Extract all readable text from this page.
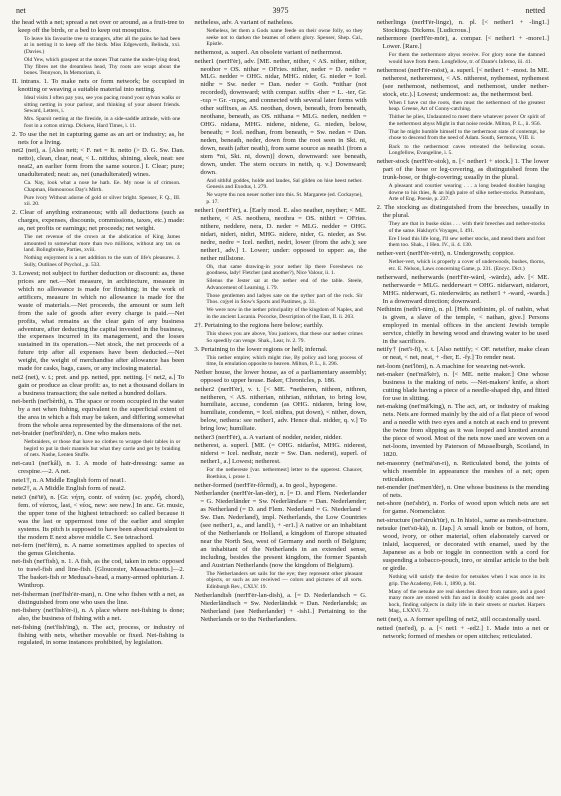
net	3975	netted

the head with a net; spread a net over or around, as a fruit-tree to keep off the birds, or a bed to keep out mosquitos.

To leave his favourite tree to strangers, after all the pains he had been at in netting it to keep off the birds. Miss Edgeworth, Belinda, xxi. (Davies.)

Old Yew, which graspest at the stones That name the under-lying dead, Thy fibres net the dreamless head, Thy roots are wrapt about the bones. Tennyson, In Memoriam, ii.

II. intrans. 1. To make nets or form network; be occupied in knotting or weaving a suitable material into netting.

Ideal visits I often pay you, see you pacing round your sylvan walks or sitting netting in your parlour, and thinking of your absent friends. Seward, Letters, i.

Mrs. Sparsit netting at the fireside, in a side-saddle attitude, with one foot in a cotton stirrup. Dickens, Hard Times, i. 11.

2. To use the net in capturing game as an art or industry; as, he nets for a living.

net2 (net), a. [Also nett; < F. net = It. netto (> D. G. Sw. Dan. netto), clean, clear, neat, < L. nitidus, shining, sleek, neat: see neat2, an earlier form from the same source.] I. Clear; pure; unadulterated; neat: as, net (unadulterated) wines.

Ca. Nay, look what a nose he hath. Ee. My nose is of crimson. Chapman, Humourous Day's Mirth.

Pure ivory Without adorne of gold or silver bright. Spenser, F. Q., III. xii. 20.

2. Clear of anything extraneous; with all deductions (such as charges, expenses, discounts, commissions, taxes, etc.) made: as, net profits or earnings; net proceeds; net weight.

The net revenue of the crown at the abdication of King James amounted to somewhat more than two millions, without any tax on land. Bolingbroke, Parties, xviii.

Nothing enjoyment is a net addition to the sum of life's pleasures. J. Sully, Outlines of Psychol., p. 533.

3. Lowest; not subject to further deduction or discount: as, these prices are net.—Net measure, in architecture, measure in which no allowance is made for finishing; in the work of artificers, measure in which no allowance is made for the waste of materials.—Net proceeds, the amount or sum left from the sale of goods after every charge is paid.—Net profits, what remains as the clear gain of any business adventure, after deducting the capital invested in the business, the expenses incurred in its management, and the losses sustained in its operation.—Net stock, the net proceeds of a future trip after all expenses have been deducted.—Net weight, the weight of merchandise after allowance has been made for casks, bags, cases, or any inclosing material.

net2 (net), v. t.; pret. and pp. netted, ppr. netting. [< net2, a.] To gain or produce as clear profit: as, to net a thousand dollars in a business transaction; the sale netted a hundred dollars.

net-berth (net'bèrth), n. The space or room occupied in the water by a net when fishing, equivalent to the superficial extent of the area in which a fish may be taken, and differing somewhat from the whole area represented by the dimensions of the net.

net-braider (net'brā'dėr), n. One who makes nets.

Netbraiders, or those that have no clothes to wrappe their tables in or begird to put in their mantels but what they carrie and get by braiding of nets. Nashe, Lenten Stuffe.

net-cau1 (net'kâl), n. 1. A mode of hair-dressing: same as crespine.—2. A net.

nete1†, n. A Middle English form of neat1.

nete2†, a. A Middle English form of neat2.

nete3 (nē'tē), n. [Gr. νήτη, contr. of νεάτη (sc. χορδή, chord), fem. of νέατος, last, < νέος, new: see new.] In anc. Gr. music, the upper tone of the highest tetrachord: so called because it was the last or uppermost tone of the earlier and simpler systems. Its pitch is supposed to have been about equivalent to the modern E next above middle C. See tetrachord.

net-fern (net'fėrn), n. A name sometimes applied to species of the genus Gleichenia.

net-fish (net'fish), n. 1. A fish, as the cod, taken in nets: opposed to trawl-fish and line-fish. [Gloucester, Massachusetts.]—2. The basket-fish or Medusa's-head, a many-armed ophiurian. J. Winthrop.

net-fisherman (net'fish'ėr-man), n. One who fishes with a net, as distinguished from one who uses the line.

net-fishery (net'fish'ėr-i), n. A place where net-fishing is done; also, the business of fishing with a net.

net-fishing (net'fish'ing), n. The act, process, or industry of fishing with nets, whether movable or fixed. Net-fishing is regulated, in some instances prohibited, by legislation.

netheless, adv. A variant of natheless.

Netheless, let them a Gods name feede on their owne folly, so they seeke not to darken the beames of others glory. Spenser, Shep. Cal., Epistle.

nethemost, a. superl. An obsolete variant of nethermost.

nether1 (nerH'ėr), adv. [ME. nether, nither, < AS. nither, nithor, neothor = OS. nithar = OFries. nither, neder = D. neder = MLG. nedder = OHG. nidar, MHG. nider, G. nieder = Icel. nidhr = Sw. neder = Dan. neder = Goth. *nithar (not recorded), downward; with compar. suffix -ther = L. -ter, Gr. -τερ = Gr. -τερος, and connected with several later forms with other suffixes, as AS. neothan, down, beneath, from beneath, neothane, beneath, as OS. nithana = MLG. neden, nedden = OHG. nidana, MHG. nidene, nidene, G. nieden, below, beneath; = Icel. nedhan, from beneath, = Sw. nedan = Dan. neden, beneath, neder, down from the root seen in Skt. ni, down, neath (after neath), from same source as neath1 (from a stem *ni, Skt. ni, down)] down, downward: see beneath, down, under. The stem occurs in neith, q. v.] Downward; down.

And sithful goddes, holde and laudes, Sal gilden on hise heest nether. Genesis and Exodus, l. 279.

Ne wayte thu non neuer nother into this. St. Margarete (ed. Cockayne), p. 17.

nether1 (nerH'ėr), a. [Early mod. E. also neather, neyther; < ME. nethere, < AS. neothera, neothra = OS. nithiri = OFries. nithere, neddere, nera, D. neder = MLG. nedder = OHG. nidari, nideri, nidiri, MHG. nidere, nider, G. nieder, as Sw. nedre, nedre = Icel. nedhri, nedri, lower (from the adv.); see nether1, adv.] 1. Lower; under: opposed to upper: as, the nether millstone.

Oh, that same drawing-in your nether lip there Foreshews no goodness, lady! Fletcher (and another?), Nice Valour, ii. 1.

Silenus the Jester sat at the nether end of the table. Steele, Advancement of Learning, i. 79.

Those gentlemen and ladyes sate on the nyther part of the rock. Sir Thos. cojyel in Stow's Sports and Pastimes, p. 31.

We were now in the nether principality of the kingdom of Naples, and in the ancient Lucania. Pococke, Description of the East, II. ii. 203.

2†. Pertaining to the regions here below; earthly.

This shows you are above, You justicers, that these our nether crimes So speedily can venge. Shak., Lear, iv. 2. 79.

3. Pertaining to the lower regions or hell; infernal.

This nether empire; which might rise, By policy and long process of time, In emulation opposite to heaven. Milton, P. L., ii. 296.

Nether house, the lower house, as of a parliamentary assembly; opposed to upper house. Baker, Chronicles, p. 186.

nether2 (nerH'ėr), v. t. [< ME. *netheren, nithren, nithren, neitheren, < AS. nitherian, nithrian, nithrian, to bring low, humiliate, accuse, condemn (as OHG. nidaren, bring low, humiliate, condemn, = Icel. nidhra, put down), < nither, down, below, nethera: see nether1, adv. Hence dial. nidder, q. v.] To bring low; humiliate.

nether3 (nerH'ėr), a. A variant of nodder, neider, nidder.

netherest, a. superl. [ME. (= OHG. nidarôst, MHG. niderest, niderst = Icel. nedhstr, nezir = Sw. Dan. nederst), superl. of nether1, a.] Lowest; netherest.

For the nethereste [var. nethermest] letter to the upperest. Chaucer, Boethius, i. prose 1.

nether-formed (nerH'ėr-fôrmd), a. In geol., hypogene.

Netherlander (nerH'ėr-lan-dėr), n. [= D. and Flem. Nederlander = G. Niederländer = Sw. Nederländare = Dan. Nederlænder; as Netherland (= D. and Flem. Nederland = G. Niederland = Sw. Dan. Nederland), impl. Netherlands, the Low Countries (see nether1, a., and land1), + -er1.] A native or an inhabitant of the Netherlands or Holland, a kingdom of Europe situated near the North Sea, west of Germany and north of Belgium; an inhabitant of the Netherlands in an extended sense, including, besides the present kingdom, the former Spanish and Austrian Netherlands (now the kingdom of Belgium).

The Netherlanders set sails for the eye; they represent other pleasant objects, or such as are received — colors and pictures of all sorts. Edinburgh Rev., CXLV. 19.

Netherlandish (nerH'ėr-lan-dish), a. [= D. Nederlandsch = G. Niederländisch = Sw. Nederländsk = Dan. Nederlandsk; as Netherland (see Netherlander) + -ish1.] Pertaining to the Netherlands or to the Netherlanders.

netherlings (nerH'ėr-lingz), n. pl. [< nether1 + -ling1.] Stockings. Dickens. [Ludicrous.]

nethermore (nerH'ėr-mōr), a. compar. [< nether1 + -more1.] Lower. [Rare.]

For them the nethermore abyss receive. For glory none the damned would have from them. Longfellow, tr. of Dante's Inferno, iii. 41.

nethermost (nerH'ėr-mōst), a. superl. [< nether1 + -most. In ME. netherest, netheremest, < AS. nitherest, nythemest, nythemest (see nethemost, nethemost, and nethemost, under nether-stock, etc.).] Lowest; undermost: as, the nethermost bed.

When I have cut the roots, then must the nethermost of the greatest heap. Greene, Art of Conny-catching.

Thither he plies, Undaunted to meet there whatever power Or spirit of the nethermost abyss Might in that noise reside. Milton, P. L., ii. 956.

That he might humble himself to the nethermost state of contempt, he chose to descend from the need of Adam. South, Sermons, VIII. ii.

Back to the nethermost caves retreated the bellowing ocean. Longfellow, Evangeline, i. 5.

nether-stock (nerH'ėr-stok), n. [< nether1 + stock.] 1. The lower part of the hose or leg-covering, as distinguished from the trunk-hose, or thigh-covering; usually in the plural.

A pleasant and courtier wearing . . . a long beaded doublet hanging downe to his thies, & an high paire of silke nether-stocks. Puttenham, Arte of Eng. Poesie, p. 237.

2. The stocking as distinguished from the breeches, usually in the plural.

They are that in buske skins . . . with their breeches and nether-stocks of the same. Hakluyt's Voyages, I. 491.

Ere I lead this life long, I'll sew nether stocks, and mend them and foot them too. Shak., 1 Hen. IV., ii. 4. 130.

nether-vert (nerH'ėr-vėrt), n. Undergrowth; coppice.

Nether-vert, which is properly a cover of underwoods, bushes, thorns, etc. E. Nelson, Laws concerning Game, p. 231. (Encyc. Dict.)

netherward, netherwards (nerH'ėr-wärd, -wärdz), adv. [< ME. netherwarde = MLG. nedderwart = OHG. nidarwart, nidarort, MHG. niderwart, G. niederwärts; as nether1 + -ward, -wards.] In a downward direction; downward.

Nethinim (neth'i-nim), n. pl. [Heb. nethinim, pl. of nathin, what is given, a slave of the temple, < nathan, give.] Persons employed in menial offices in the ancient Jewish temple service, chiefly in hewing wood and drawing water to be used in the sacrifices.

netify† (net'i-fī), v. t. [Also nettify; < OF. neteifier, make clean or neat, < net, neat, + -fier, E. -fy.] To render neat.

net-loom (net'löm), n. A machine for weaving net-work.

net-maker (net'mā'kėr), n. [< ME. nette maker.] One whose business is the making of nets. —Net-makers' knife, a short cutting blade having a piece of a needle-shaped dip, and fitted for use in slitting.

net-making (net'mā'king), n. The act, art, or industry of making nets. Nets are formed mainly by the aid of a flat piece of wood and a needle with two eyes and a notch at each end to prevent the twine from slipping as it was looped and knotted around the piece of wood. Most of the nets now used are woven on a net-loom, invented by Paterson of Musselburgh, Scotland, in 1820.

net-masonry (net'mā'sn-ri), n. Reticulated bond, the joints of which resemble in appearance the meshes of a net; open reticulation.

net-mender (net'men'dėr), n. One whose business is the mending of nets.

net-shore (net'shōr), n. Forks of wood upon which nets are set for game. Nomenclator.

net-structure (net'struk'tūr), n. In histol., same as mesh-structure.

netsuke (net'sū-kā), n. [Jap.] A small knob or button, of horn, wood, ivory, or other material, often elaborately carved or inlaid, lacquered, or decorated with enamel, used by the Japanese as a bob or toggle in connection with a cord for suspending a tobacco-pouch, inro, or similar article to the belt or girdle.

Nothing will satisfy the desire for netsukes when I was once in its grip. The Academy, Feb. 1, 1890, p. 84.

Many of the netsuke are real sketches direct from nature, and a good many more are stored with fun and in doubly scales goods and net-hock, finding subjects in daily life in their streets or market. Harpers Mag., LXXVI. 72.

nett (net), a. A former spelling of net2, still occasionally used.

netted (net'ed), p. a. [< net1 + -ed2.] 1. Made into a net or network; formed of meshes or open stitches; reticulated.
